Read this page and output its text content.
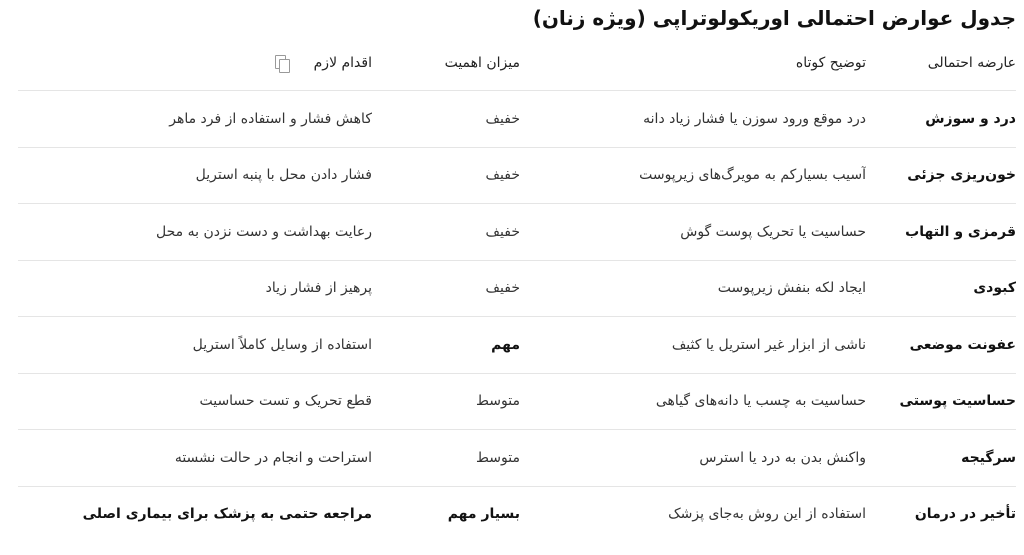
جدول عوارض احتمالی اوریکولوتراپی (ویژه زنان)
عارضه احتمالی	توضیح کوتاه	میزان اهمیت	اقدام لازم

درد و سوزش	درد موقع ورود سوزن یا فشار زیاد دانه	خفیف	کاهش فشار و استفاده از فرد ماهر
خون‌ریزی جزئی	آسیب بسیارکم به مویرگ‌های زیرپوست	خفیف	فشار دادن محل با پنبه استریل
قرمزی و التهاب	حساسیت یا تحریک پوست گوش	خفیف	رعایت بهداشت و دست نزدن به محل
کبودی	ایجاد لکه بنفش زیرپوست	خفیف	پرهیز از فشار زیاد
عفونت موضعی	ناشی از ابزار غیر استریل یا کثیف	مهم	استفاده از وسایل کاملاً استریل
حساسیت پوستی	حساسیت به چسب یا دانه‌های گیاهی	متوسط	قطع تحریک و تست حساسیت
سرگیجه	واکنش بدن به درد یا استرس	متوسط	استراحت و انجام در حالت نشسته
تأخیر در درمان	استفاده از این روش به‌جای پزشک	بسیار مهم	مراجعه حتمی به پزشک برای بیماری اصلی
